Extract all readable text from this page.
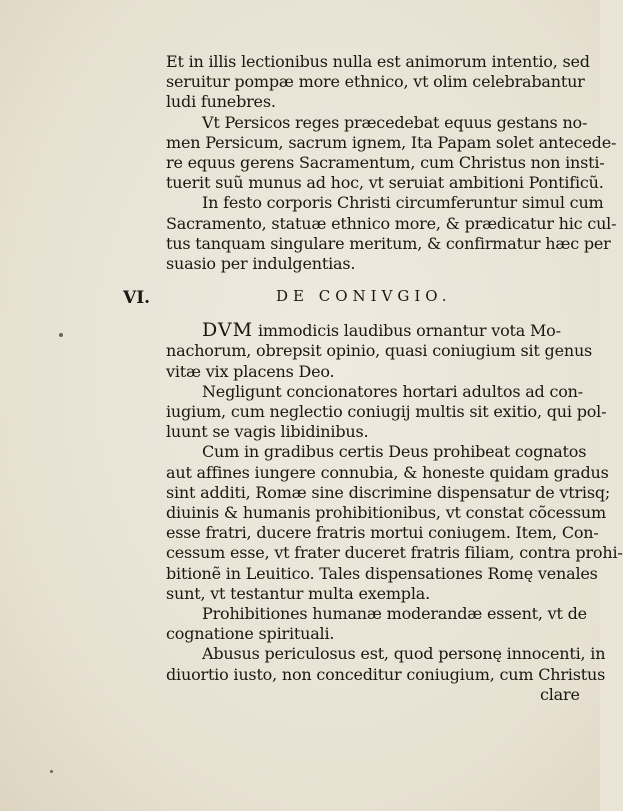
VI.
Et in illis lectionibus nulla est animorum intentio, sed
seruitur pompæ more ethnico, vt olim celebrabantur
ludi funebres.
Vt Persicos reges præcedebat equus gestans no-
men Persicum, sacrum ignem, Ita Papam solet antecede-
re equus gerens Sacramentum, cum Christus non insti-
tuerit suũ munus ad hoc, vt seruiat ambitioni Pontificũ.
In festo corporis Christi circumferuntur simul cum
Sacramento, statuæ ethnico more, & prædicatur hic cul-
tus tanquam singulare meritum, & confirmatur hæc per
suasio per indulgentias.
DE CONIVGIO.
DVM immodicis laudibus ornantur vota Mo-
nachorum, obrepsit opinio, quasi coniugium sit genus
vitæ vix placens Deo.
Negligunt concionatores hortari adultos ad con-
iugium, cum neglectio coniugij multis sit exitio, qui pol-
luunt se vagis libidinibus.
Cum in gradibus certis Deus prohibeat cognatos
aut affines iungere connubia, & honeste quidam gradus
sint additi, Romæ sine discrimine dispensatur de vtrisq;
diuinis & humanis prohibitionibus, vt constat cõcessum
esse fratri, ducere fratris mortui coniugem. Item, Con-
cessum esse, vt frater duceret fratris filiam, contra prohi-
bitionẽ in Leuitico. Tales dispensationes Romę venales
sunt, vt testantur multa exempla.
Prohibitiones humanæ moderandæ essent, vt de
cognatione spirituali.
Abusus periculosus est, quod personę innocenti, in
diuortio iusto, non conceditur coniugium, cum Christus
clare
